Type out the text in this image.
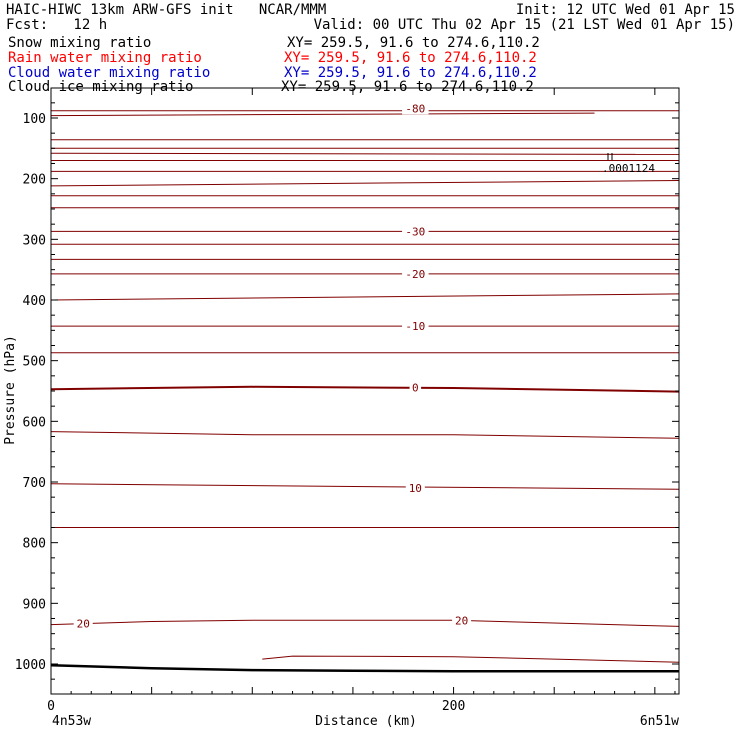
HAIC-HIWC 13km ARW-GFS init   NCAR/MMM	Init: 12 UTC Wed 01 Apr 15
Fcst:   12 h	Valid: 00 UTC Thu 02 Apr 15 (21 LST Wed 01 Apr 15)
Snow mixing ratio	XY= 259.5, 91.6 to 274.6,110.2
Rain water mixing ratio	XY= 259.5, 91.6 to 274.6,110.2
Cloud water mixing ratio	XY= 259.5, 91.6 to 274.6,110.2
Cloud ice mixing ratio	XY= 259.5, 91.6 to 274.6,110.2
-80
-30
-20
-10
0
10
20	20
100
200
300
400
500
600
700
800
900
1000
0	200
.0001124
Pressure (hPa)
Distance (km)
4n53w	6n51w
